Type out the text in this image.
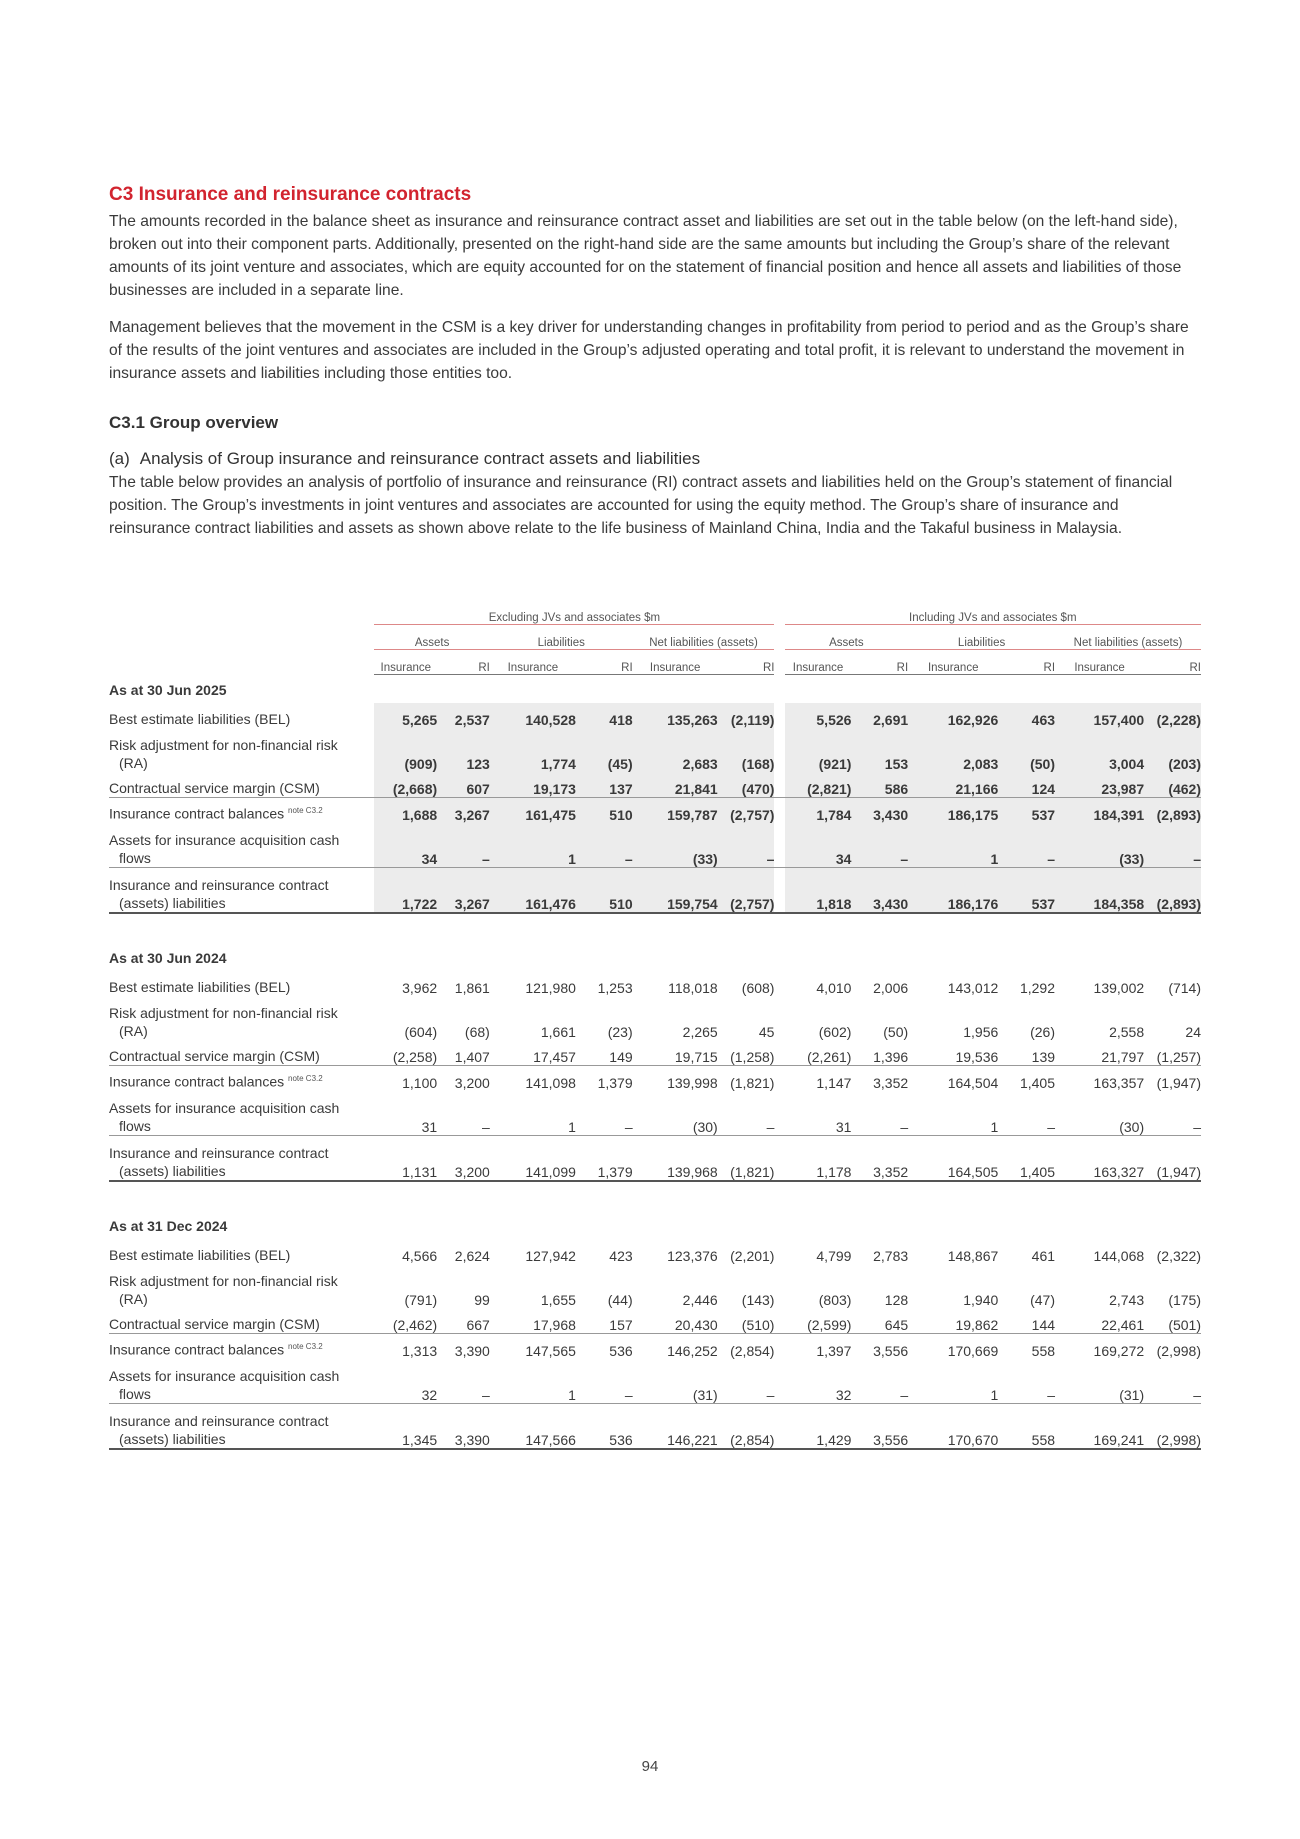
C3 Insurance and reinsurance contracts

The amounts recorded in the balance sheet as insurance and reinsurance contract asset and liabilities are set out in the table below (on the left-hand side), broken out into their component parts. Additionally, presented on the right-hand side are the same amounts but including the Group’s share of the relevant amounts of its joint venture and associates, which are equity accounted for on the statement of financial position and hence all assets and liabilities of those businesses are included in a separate line.

Management believes that the movement in the CSM is a key driver for understanding changes in profitability from period to period and as the Group’s share of the results of the joint ventures and associates are included in the Group’s adjusted operating and total profit, it is relevant to understand the movement in insurance assets and liabilities including those entities too.

C3.1 Group overview
(a) Analysis of Group insurance and reinsurance contract assets and liabilities

The table below provides an analysis of portfolio of insurance and reinsurance (RI) contract assets and liabilities held on the Group’s statement of financial position. The Group’s investments in joint ventures and associates are accounted for using the equity method. The Group’s share of insurance and reinsurance contract liabilities and assets as shown above relate to the life business of Mainland China, India and the Takaful business in Malaysia.

		Excluding JVs and associates $m							Including JVs and associates $m					
		Assets		Liabilities		Net liabilities (assets)			Assets		Liabilities		Net liabilities (assets)	
		Insurance	RI	Insurance	RI	Insurance	RI		Insurance	RI	Insurance	RI	Insurance	RI
As at 30 Jun 2025														

Best estimate liabilities (BEL)		5,265	2,537	140,528	418	135,263	(2,119)		5,526	2,691	162,926	463	157,400	(2,228)

Risk adjustment for non-financial risk
(RA)		(909)	123	1,774	(45)	2,683	(168)		(921)	153	2,083	(50)	3,004	(203)

Contractual service margin (CSM)		(2,668)	607	19,173	137	21,841	(470)		(2,821)	586	21,166	124	23,987	(462)

Insurance contract balances $^{note C3.2}$		1,688	3,267	161,475	510	159,787	(2,757)		1,784	3,430	186,175	537	184,391	(2,893)

Assets for insurance acquisition cash
flows		34	–	1	–	(33)	–		34	–	1	–	(33)	–

Insurance and reinsurance contract
(assets) liabilities		1,722	3,267	161,476	510	159,754	(2,757)		1,818	3,430	186,176	537	184,358	(2,893)
As at 30 Jun 2024														

Best estimate liabilities (BEL)		3,962	1,861	121,980	1,253	118,018	(608)		4,010	2,006	143,012	1,292	139,002	(714)

Risk adjustment for non-financial risk
(RA)		(604)	(68)	1,661	(23)	2,265	45		(602)	(50)	1,956	(26)	2,558	24

Contractual service margin (CSM)		(2,258)	1,407	17,457	149	19,715	(1,258)		(2,261)	1,396	19,536	139	21,797	(1,257)

Insurance contract balances $^{note C3.2}$		1,100	3,200	141,098	1,379	139,998	(1,821)		1,147	3,352	164,504	1,405	163,357	(1,947)

Assets for insurance acquisition cash
flows		31	–	1	–	(30)	–		31	–	1	–	(30)	–

Insurance and reinsurance contract
(assets) liabilities		1,131	3,200	141,099	1,379	139,968	(1,821)		1,178	3,352	164,505	1,405	163,327	(1,947)
As at 31 Dec 2024														

Best estimate liabilities (BEL)		4,566	2,624	127,942	423	123,376	(2,201)		4,799	2,783	148,867	461	144,068	(2,322)

Risk adjustment for non-financial risk
(RA)		(791)	99	1,655	(44)	2,446	(143)		(803)	128	1,940	(47)	2,743	(175)

Contractual service margin (CSM)		(2,462)	667	17,968	157	20,430	(510)		(2,599)	645	19,862	144	22,461	(501)

Insurance contract balances $^{note C3.2}$		1,313	3,390	147,565	536	146,252	(2,854)		1,397	3,556	170,669	558	169,272	(2,998)

Assets for insurance acquisition cash
flows		32	–	1	–	(31)	–		32	–	1	–	(31)	–

Insurance and reinsurance contract
(assets) liabilities		1,345	3,390	147,566	536	146,221	(2,854)		1,429	3,556	170,670	558	169,241	(2,998)
94
